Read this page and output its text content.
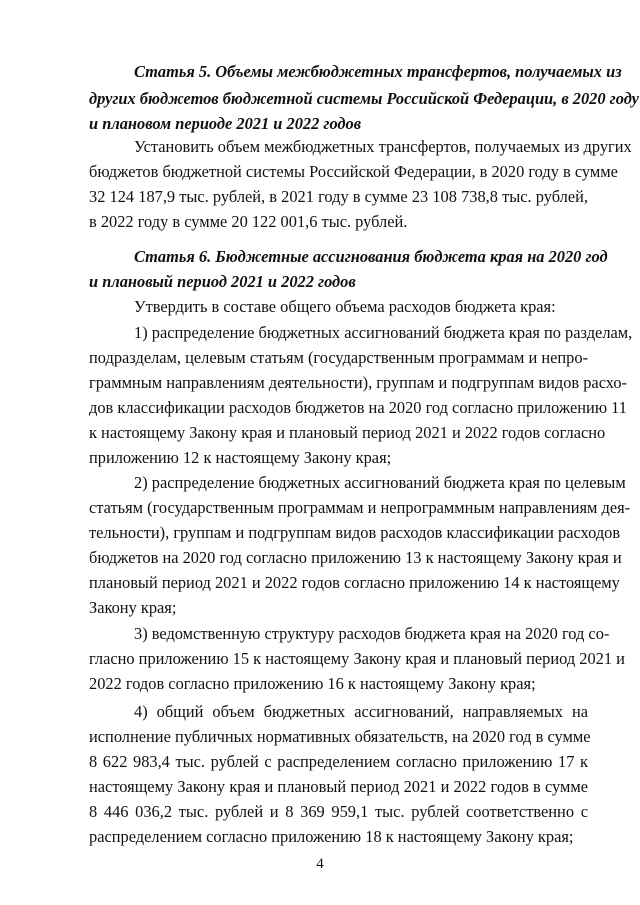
Статья 5. Объемы межбюджетных трансфертов, получаемых из
других бюджетов бюджетной системы Российской Федерации, в 2020 году
и плановом периоде 2021 и 2022 годов
Установить объем межбюджетных трансфертов, получаемых из других
бюджетов бюджетной системы Российской Федерации, в 2020 году в сумме
32 124 187,9 тыс. рублей, в 2021 году в сумме 23 108 738,8 тыс. рублей,
в 2022 году в сумме 20 122 001,6 тыс. рублей.
Статья 6. Бюджетные ассигнования бюджета края на 2020 год
и плановый период 2021 и 2022 годов
Утвердить в составе общего объема расходов бюджета края:
1) распределение бюджетных ассигнований бюджета края по разделам,
подразделам, целевым статьям (государственным программам и непро-
граммным направлениям деятельности), группам и подгруппам видов расхо-
дов классификации расходов бюджетов на 2020 год согласно приложению 11
к настоящему Закону края и плановый период 2021 и 2022 годов согласно
приложению 12 к настоящему Закону края;
2) распределение бюджетных ассигнований бюджета края по целевым
статьям (государственным программам и непрограммным направлениям дея-
тельности), группам и подгруппам видов расходов классификации расходов
бюджетов на 2020 год согласно приложению 13 к настоящему Закону края и
плановый период 2021 и 2022 годов согласно приложению 14 к настоящему
Закону края;
3) ведомственную структуру расходов бюджета края на 2020 год со-
гласно приложению 15 к настоящему Закону края и плановый период 2021 и
2022 годов согласно приложению 16 к настоящему Закону края;
4) общий объем бюджетных ассигнований, направляемых на
исполнение публичных нормативных обязательств, на 2020 год в сумме
8 622 983,4 тыс. рублей с распределением согласно приложению 17 к
настоящему Закону края и плановый период 2021 и 2022 годов в сумме
8 446 036,2 тыс. рублей и 8 369 959,1 тыс. рублей соответственно с
распределением согласно приложению 18 к настоящему Закону края;
4
